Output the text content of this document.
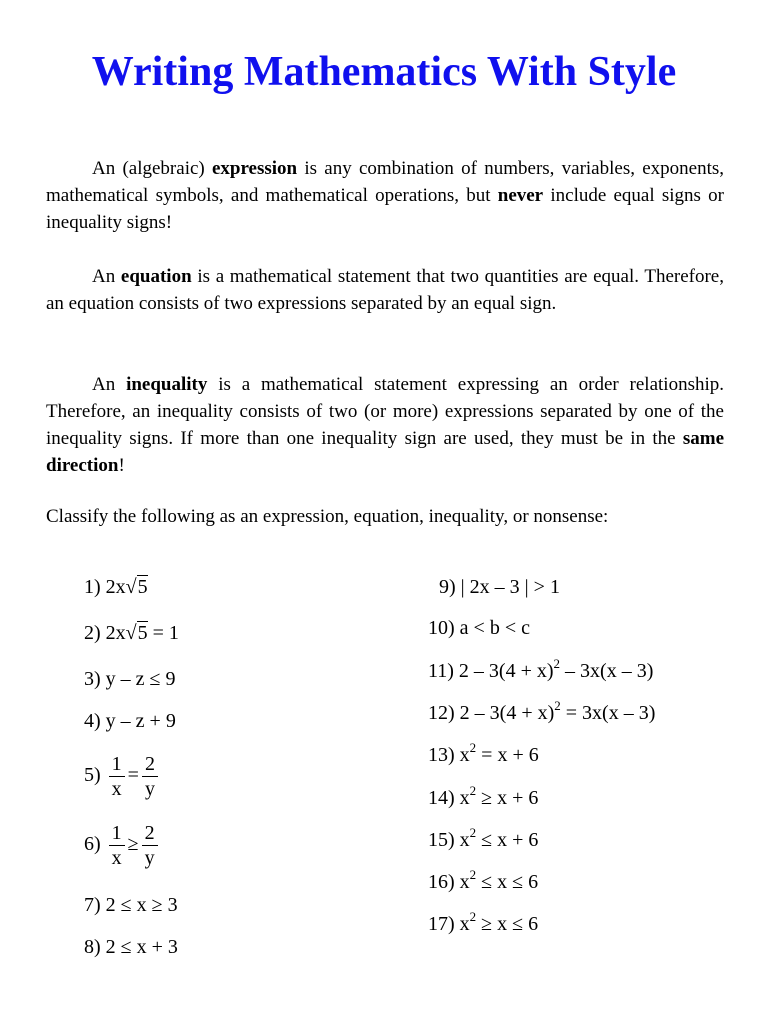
Writing Mathematics With Style

An (algebraic) expression is any combination of numbers, variables, exponents, mathematical symbols, and mathematical operations, but never include equal signs or inequality signs!

An equation is a mathematical statement that two quantities are equal. Therefore, an equation consists of two expressions separated by an equal sign.

An inequality is a mathematical statement expressing an order relationship. Therefore, an inequality consists of two (or more) expressions separated by one of the inequality signs. If more than one inequality sign are used, they must be in the same direction!

Classify the following as an expression, equation, inequality, or nonsense:

1) 2x√5
2) 2x√5 = 1
3) y – z ≤ 9
4) y – z + 9
$5) \frac{1}{x} = \frac{2}{y}$
$6) \frac{1}{x} \ge \frac{2}{y}$
7) 2 ≤ x ≥ 3
8) 2 ≤ x + 3
9) | 2x – 3 | > 1
10) a < b < c
11) $2 - 3(4 + x)^2 - 3x(x - 3)$
12) $2 - 3(4 + x)^2 = 3x(x - 3)$
13) $x^2 = x + 6$
14) $x^2 \ge x + 6$
15) $x^2 \le x + 6$
16) $x^2 \le x \le 6$
17) $x^2 \ge x \le 6$
